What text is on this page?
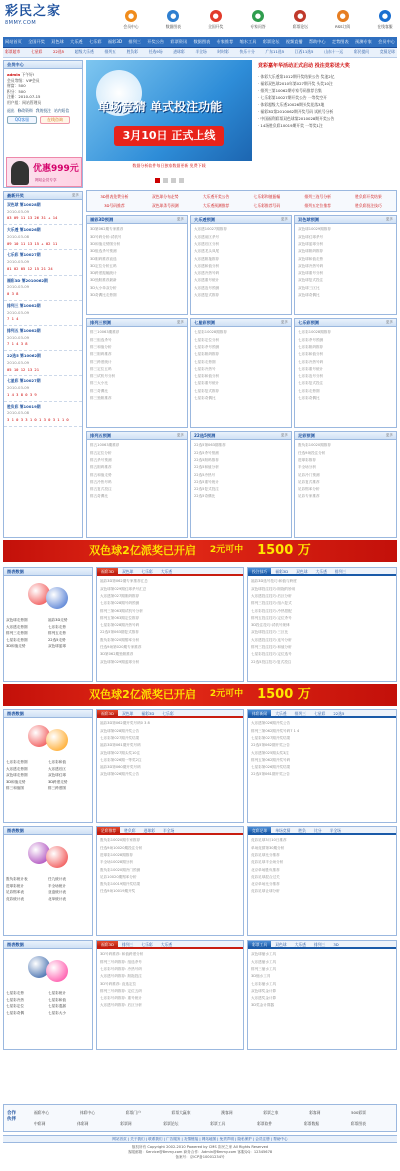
彩民之家
8MMY.COM
●
会员中心
●
数据图表
●
全国开奖
●
专家问答
●
彩票论坛
●
RSS订阅
●
在线客服
网站首页 全国开奖 双色球 大乐透 七乐彩 福彩3D 排列三 开奖公告 彩票资讯 数据图表 专家推荐 缩水工具 彩票论坛 视频直播 帮助中心 走势图表 预测专家 会员中心
彩票超市	七星彩	22选5	超级大乐透	排列五	胜负彩	任选9场	进球彩	半全场	时时彩	快乐十分	广东11选5	江西11选5	山东十一运	彩民提问	竞猜足球
会员中心
admin 下午好!
会员等级：VIP会员
财富：500
积分：500
注册：2010-07-15
用户组：网站管理员
退出 修改资料 我的投注 站内短信
QQ客服	在线咨询
优惠999元
网站会员专享
单场竞猜 单式投注功能
3月10日 正式上线
数据分析软件每日独家数据更新 免费下载
竞彩嘉年华活动正式启动 投注竞彩送大奖
· 体彩大乐透第1012期开奖结果公告 奖池2亿
· 福彩双色球2010年第027期开奖 头奖10注
· 排列三第10062期专家号码推荐合集
· 七乐彩第10027期开奖公告 一等奖空开
· 体彩超级大乐透10026期头奖花落3地
· 福彩3D第2010062期开奖号码 试机号分析
· 中国福利彩票双色球第2010028期开奖公告
· 14场胜负彩10019期开奖 一等奖1注
3D图表免费分析	双色球分布走势	大乐透开奖公告	七乐彩和值振幅	排列三连号分析	胜负彩开奖结果
3D号码推荐	双色球杀号预测	大乐透预测推荐	七乐彩推荐号码	排列五定位推荐	胜负彩投注技巧
最新开奖	更多
双色球 第10028期
2010-03-09
03 09 11 13 26 31 + 14
大乐透 第10026期
2010-03-08
09 10 11 13 15 + 02 11
七乐彩 第10027期
2010-03-09
01 02 05 12 15 21 24
福彩3D 第2010062期
2010-03-09
0 3 8
排列三 第10062期
2010-03-09
7 1 4
排列五 第10062期
2010-03-09
7 1 4 3 8
22选5 第10062期
2010-03-09
05 10 12 13 21
七星彩 第10027期
2010-03-09
1 4 3 8 0 3 9
胜负彩 第10019期
2010-03-08
3 1 0 3 3 1 0 1 3 0 3 1 1 0
双色球2亿派奖已开启 2元可中 1500 万
双色球2亿派奖已开启 2元可中 1500 万
合作伙伴
福彩中心	体彩中心	彩票门户	彩票大赢家	澳客网	彩票之家	彩客网	500彩票
中彩网	体彩网	彩票网	彩票论坛	彩票工具	彩票软件	彩票数据	彩票图表
网站首页 | 关于我们 | 联系我们 | 广告服务 | 友情链接 | 网站地图 | 免责声明 | 隐私保护 | 会员注册 | 帮助中心
版权所有 Copyright 2002-2010 Powered by CMS 彩民之家 All Rights Reserved
客服邮箱：Service@8mmy.com 商务合作：Admin@8mmy.com 客服QQ：12345678
备案号：京ICP备10001234号
福彩3D预测	更多
3D第062期专家推荐
3D号码分析:试机号
3D和值走势图分析
3D组选杀号预测
3D胆码推荐直选
3D定位分析五码
3D跨度振幅统计
3D独胆推荐最新
3D大小单双分析
3D奇偶比走势图
大乐透预测	更多
大乐透10027期推荐
大乐透前区杀号
大乐透后区分析
大乐透龙头凤尾
大乐透胆拖推荐
大乐透和值分析
大乐透冷热号码
大乐透重号统计
大乐透连号预测
大乐透复式推荐
双色球预测	更多
双色球10029期推荐
双色球红球杀号
双色球蓝球分析
双色球胆码推荐
双色球和值走势
双色球冷热号码
双色球重号分析
双色球复式投注
双色球三区比
双色球奇偶比
排列三预测	更多
排三10063期推荐
排三组选杀号
排三和值分析
排三胆码推荐
排三跨度统计
排三定位五码
排三试机号分析
排三大小比
排三奇偶比
排三独胆推荐
七星彩预测	更多
七星彩10028期推荐
七星彩定位分析
七星彩杀号预测
七星彩胆码推荐
七星彩走势图
七星彩冷热号
七星彩和值分析
七星彩重号统计
七星彩复式推荐
七星彩奇偶比
七乐彩预测	更多
七乐彩10028期推荐
七乐彩杀号预测
七乐彩胆码推荐
七乐彩和值分析
七乐彩冷热号码
七乐彩重号统计
七乐彩连号分析
七乐彩复式投注
七乐彩走势图
七乐彩奇偶比
排列五预测	更多
排五10063期推荐
排五定位分析
排五杀号预测
排五胆码推荐
排五和值走势
排五冷热号码
排五复式投注
排五奇偶比
22选5预测	更多
22选5第063期推荐
22选5杀号预测
22选5胆码推荐
22选5和值分析
22选5冷热号
22选5重号统计
22选5复式投注
22选5奇偶比
足彩预测	更多
胜负彩10020期推荐
任选9场投注分析
进球彩推荐
半全场分析
足彩冷门预测
足彩复式推荐
足彩赔率分析
足彩专家推荐
图表数据
双色球走势图	福彩3D走势
大乐透走势图	七乐彩走势
排列三走势图	排列五走势
七星彩走势图	22选5走势
3D和值走势	双色球蓝球
福彩3D	双色球	七乐彩	大乐透
福彩3D第062期专家推荐汇总
双色球第029期红球杀号汇总
大乐透第027期胆码推荐
七乐彩第028期号码预测
排列三第063期试机号分析
排列五第063期定位推荐
七星彩第028期冷热号码
22选5第063期复式推荐
胜负彩第020期赔率分析
任选9场第020期专家推荐
3D第062期独胆推荐
双色球第029期蓝球分析
投注技巧	福彩3D	双色球	大乐透	排列三
福彩3D选号技巧:和值与跨度
双色球投注技巧:胆拖的妙用
大乐透投注技巧:后区分析
排列三投注技巧:组六复式
七乐彩投注技巧:冷热搭配
排列五投注技巧:定位杀号
3D投注技巧:试机号规律
双色球投注技巧:三区比
大乐透投注技巧:连号分析
排列三投注技巧:和值分析
七星彩投注技巧:定位选号
22选5投注技巧:复式投注
图表数据
七乐彩走势图	七乐彩和值
大乐透走势图	大乐透后区
双色球走势图	双色球红球
3D和值走势	3D跨度走势
排三和值图	排三跨度图
福彩3D	双色球	福彩3D	七乐彩
福彩3D第062期开奖号码0 3 8
双色球第028期开奖公告
七乐彩第027期开奖结果
福彩3D第061期开奖号码
双色球第027期头奖10注
七乐彩第026期一等奖2注
福彩3D第060期开奖号码
双色球第026期开奖公告
体彩新闻	大乐透	排列三	七星彩	22选5
大乐透第026期开奖公告
排列三第062期开奖号码7 1 4
七星彩第027期开奖结果
22选5第062期开奖公告
大乐透第025期头奖3注
排列五第062期开奖号码
七星彩第026期开奖结果
22选5第061期开奖公告
图表数据
胜负彩统计表	任九统计表
进球彩统计	半全场统计
足彩赔率表	亚盘统计表
竞彩统计表	北单统计表
足彩推荐	胜负彩	进球彩	半全场
胜负彩10020期专家推荐
任选9场10020期投注分析
进球彩10028期推荐
半全场10028期分析
胜负彩10020期冷门预测
足彩10020期赔率分析
胜负彩10019期开奖结果
任选9场10019期开奖
竞彩足球	单场竞猜	胜负	比分	半全场
竞彩足球3月10日推荐
单场竞猜第30期分析
竞彩足球比分推荐
竞彩足球半全场分析
北京单场胜负推荐
竞彩足球混合过关
北京单场比分推荐
竞彩足球让球分析
图表数据
七星彩走势	七星彩统计
七星彩冷热	七星彩和值
七星彩定位	七星彩遗漏
七星彩奇偶	七星彩大小
福彩3D	排列三	七乐彩	大乐透
3D号码推荐: 和值跨度分析
排列三号码推荐: 组选杀号
七乐彩号码推荐: 冷热号码
大乐透号码推荐: 胆拖投注
3D号码推荐: 直选定位
排列三号码推荐: 定位五码
七乐彩号码推荐: 重号统计
大乐透号码推荐: 后区分析
彩票工具	双色球	大乐透	排列三	3D
双色球缩水工具
大乐透缩水工具
排列三缩水工具
3D缩水工具
七乐彩缩水工具
双色球奖金计算
大乐透奖金计算
3D奖金计算器
